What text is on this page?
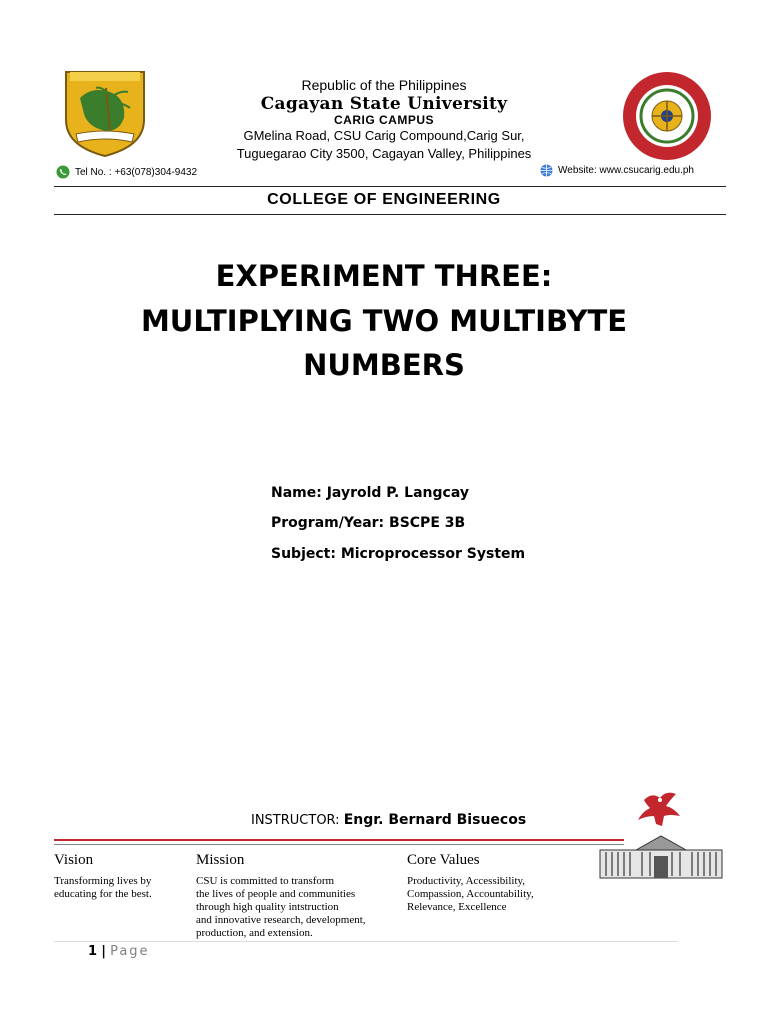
Republic of the Philippines
Cagayan State University
CARIG CAMPUS
GMelina Road, CSU Carig Compound,Carig Sur,
Tuguegarao City 3500, Cagayan Valley, Philippines
Tel No. : +63(078)304-9432	Website: www.csucarig.edu.ph
COLLEGE OF ENGINEERING
EXPERIMENT THREE:
MULTIPLYING TWO MULTIBYTE
NUMBERS
Name: Jayrold P. Langcay
Program/Year: BSCPE 3B
Subject: Microprocessor System
INSTRUCTOR: Engr. Bernard Bisuecos
Vision
Transforming lives by
educating for the best.
Mission
CSU is committed to transform
the lives of people and communities
through high quality intstruction
and innovative research, development,
production, and extension.
Core Values
Productivity, Accessibility,
Compassion, Accountability,
Relevance, Excellence
1 | Page
